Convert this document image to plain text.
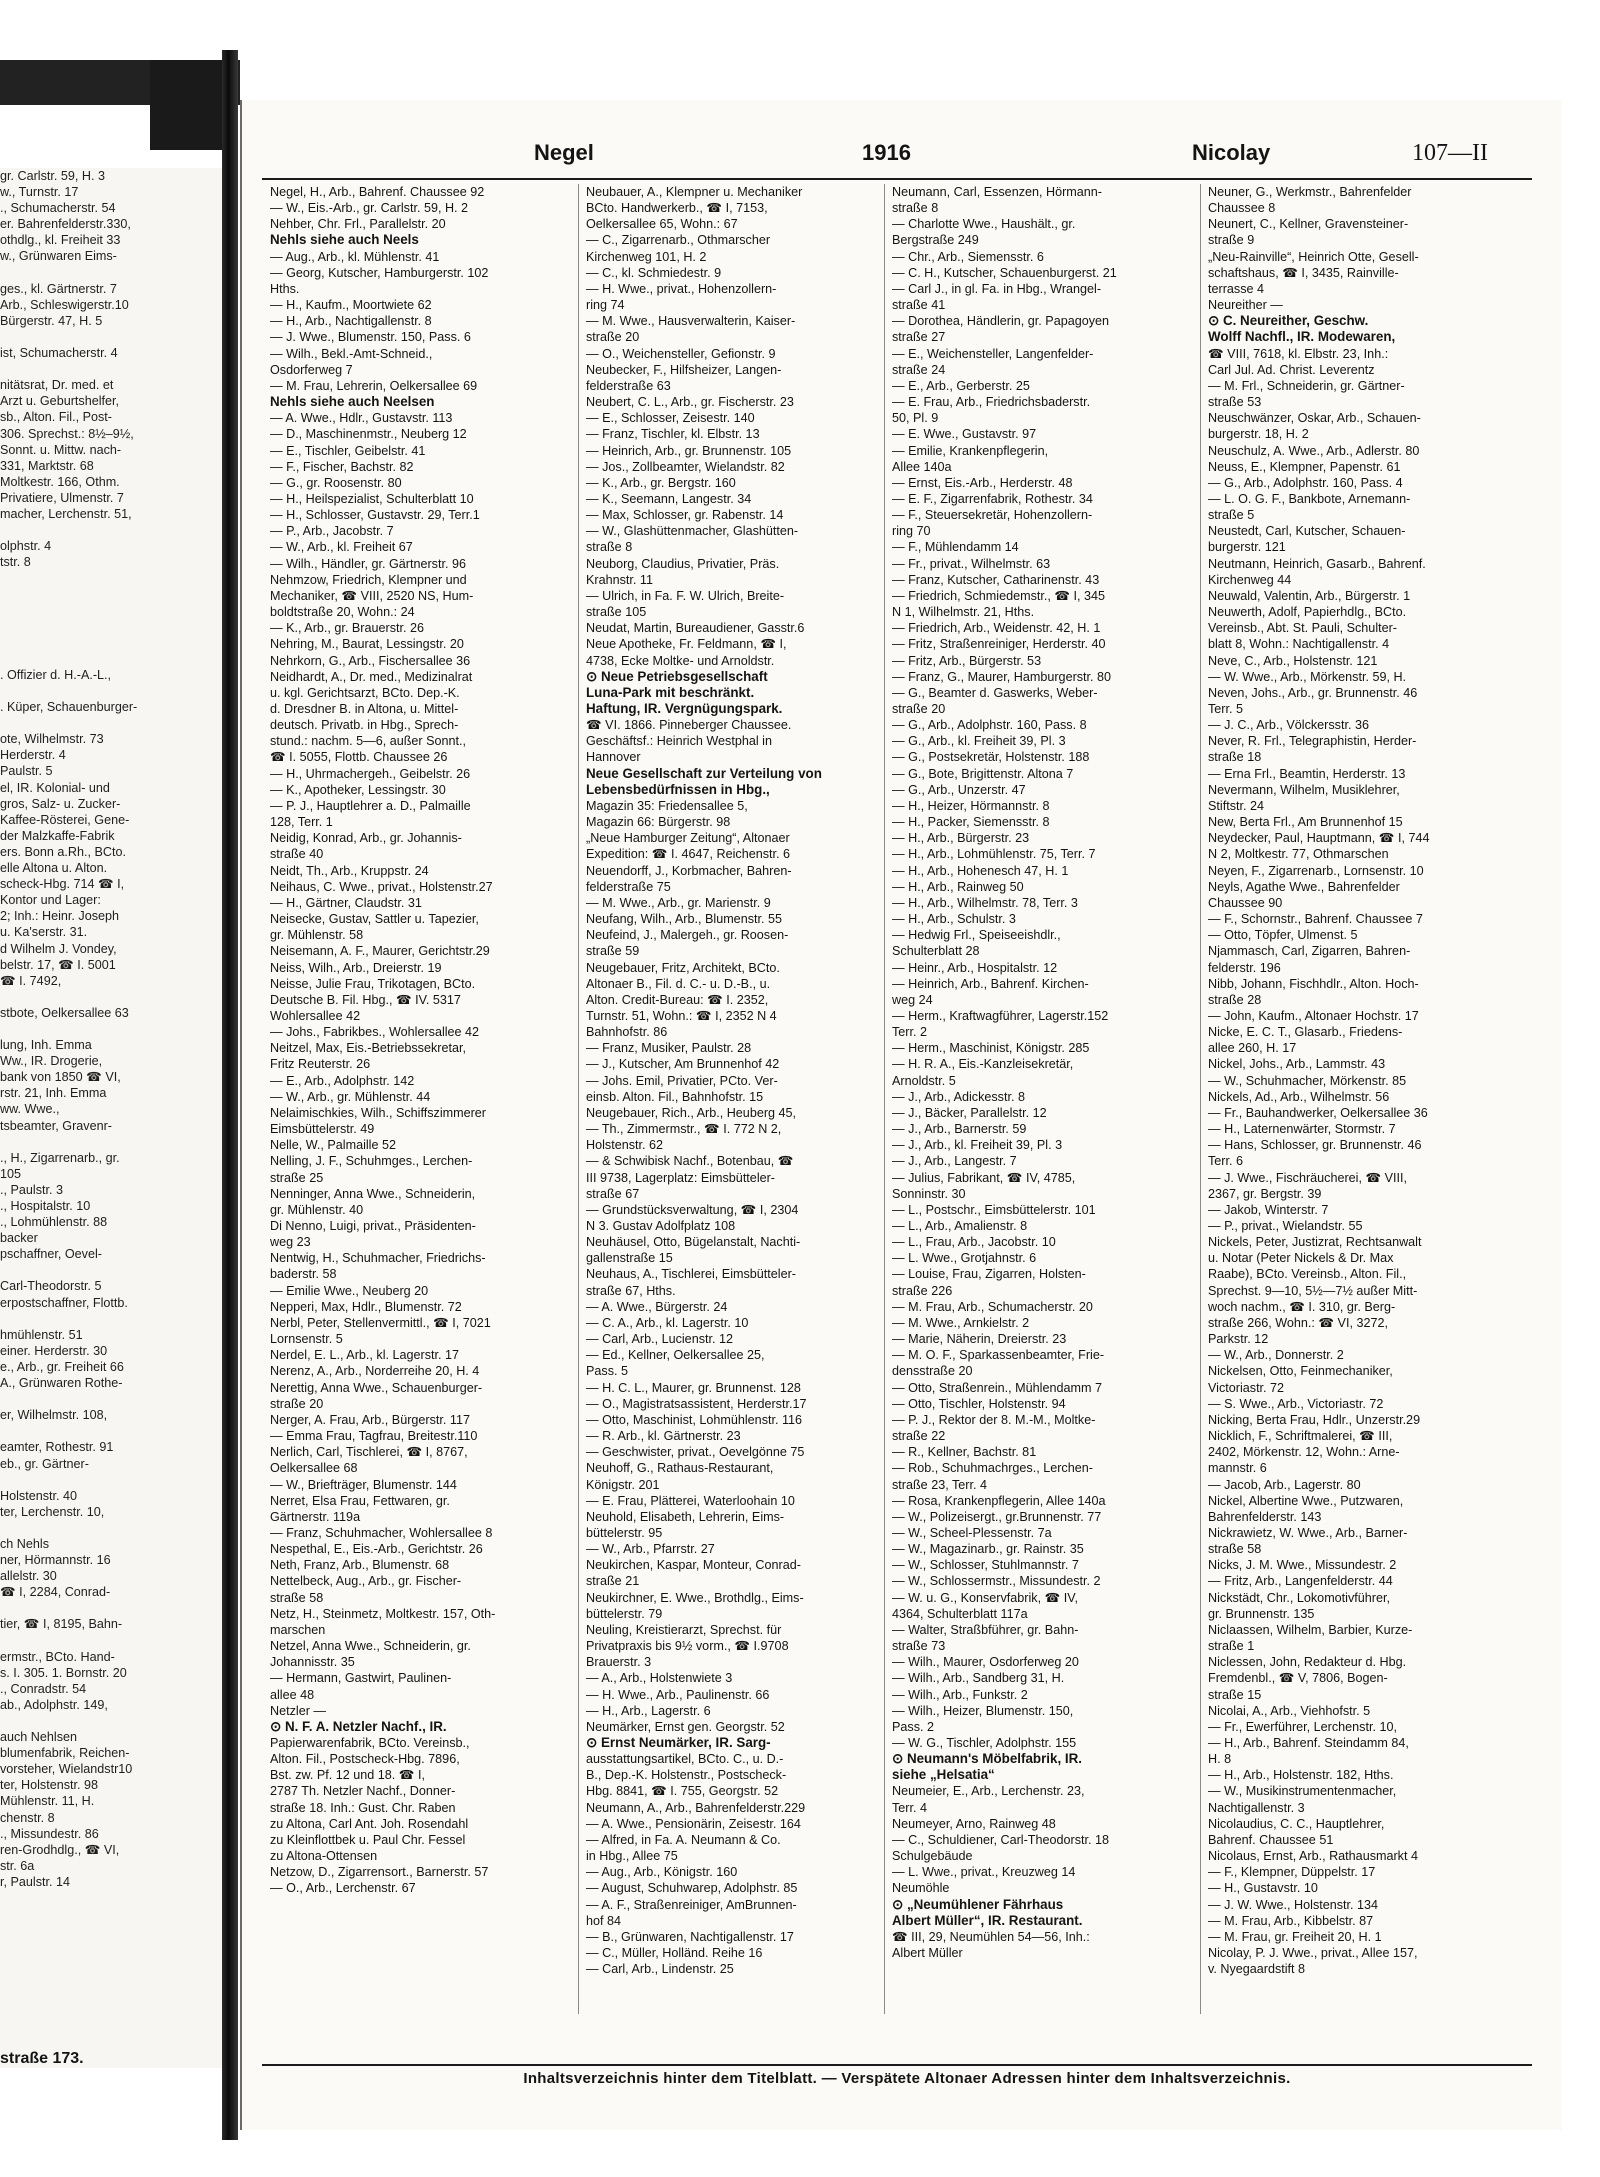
gr. Carlstr. 59, H. 3
w., Turnstr. 17
., Schumacherstr. 54
er. Bahrenfelderstr.330,
othdlg., kl. Freiheit 33
w., Grünwaren Eims-

ges., kl. Gärtnerstr. 7
Arb., Schleswigerstr.10
Bürgerstr. 47, H. 5

ist, Schumacherstr. 4

nitätsrat, Dr. med. et
Arzt u. Geburtshelfer,
sb., Alton. Fil., Post-
306. Sprechst.: 8½–9½,
Sonnt. u. Mittw. nach-
331, Marktstr. 68
Moltkestr. 166, Othm.
Privatiere, Ulmenstr. 7
macher, Lerchenstr. 51,

olphstr. 4
tstr. 8

. Offizier d. H.-A.-L.,

. Küper, Schauenburger-

ote, Wilhelmstr. 73
Herderstr. 4
Paulstr. 5
el, IR. Kolonial- und
gros, Salz- u. Zucker-
Kaffee-Rösterei, Gene-
der Malzkaffe-Fabrik
ers. Bonn a.Rh., BCto.
elle Altona u. Alton.
scheck-Hbg. 714 ☎ I,
Kontor und Lager:
2; Inh.: Heinr. Joseph
u. Ka'serstr. 31.
d Wilhelm J. Vondey,
belstr. 17, ☎ I. 5001
☎ I. 7492,

stbote, Oelkersallee 63

lung, Inh. Emma
Ww., IR. Drogerie,
bank von 1850 ☎ VI,
rstr. 21, Inh. Emma
ww. Wwe.,
tsbeamter, Gravenr-

., H., Zigarrenarb., gr.
105
., Paulstr. 3
., Hospitalstr. 10
., Lohmühlenstr. 88
backer
pschaffner, Oevel-

Carl-Theodorstr. 5
erpostschaffner, Flottb.

hmühlenstr. 51
einer. Herderstr. 30
e., Arb., gr. Freiheit 66
A., Grünwaren Rothe-

er, Wilhelmstr. 108,

eamter, Rothestr. 91
eb., gr. Gärtner-

Holstenstr. 40
ter, Lerchenstr. 10,

ch Nehls
ner, Hörmannstr. 16
allelstr. 30
☎ I, 2284, Conrad-

tier, ☎ I, 8195, Bahn-

ermstr., BCto. Hand-
s. I. 305. 1. Bornstr. 20
., Conradstr. 54
ab., Adolphstr. 149,

auch Nehlsen
blumenfabrik, Reichen-
vorsteher, Wielandstr10
ter, Holstenstr. 98
Mühlenstr. 11, H.
chenstr. 8
., Missundestr. 86
ren-Grodhdlg., ☎ VI,
str. 6a
r, Paulstr. 14
straße 173.
Negel	1916	Nicolay	107—II
Negel, H., Arb., Bahrenf. Chaussee 92
— W., Eis.-Arb., gr. Carlstr. 59, H. 2
Nehber, Chr. Frl., Parallelstr. 20
Nehls siehe auch Neels
— Aug., Arb., kl. Mühlenstr. 41
— Georg, Kutscher, Hamburgerstr. 102
Hths.
— H., Kaufm., Moortwiete 62
— H., Arb., Nachtigallenstr. 8
— J. Wwe., Blumenstr. 150, Pass. 6
— Wilh., Bekl.-Amt-Schneid.,
Osdorferweg 7
— M. Frau, Lehrerin, Oelkersallee 69
Nehls siehe auch Neelsen
— A. Wwe., Hdlr., Gustavstr. 113
— D., Maschinenmstr., Neuberg 12
— E., Tischler, Geibelstr. 41
— F., Fischer, Bachstr. 82
— G., gr. Roosenstr. 80
— H., Heilspezialist, Schulterblatt 10
— H., Schlosser, Gustavstr. 29, Terr.1
— P., Arb., Jacobstr. 7
— W., Arb., kl. Freiheit 67
— Wilh., Händler, gr. Gärtnerstr. 96
Nehmzow, Friedrich, Klempner und
Mechaniker, ☎ VIII, 2520 NS, Hum-
boldtstraße 20, Wohn.: 24
— K., Arb., gr. Brauerstr. 26
Nehring, M., Baurat, Lessingstr. 20
Nehrkorn, G., Arb., Fischersallee 36
Neidhardt, A., Dr. med., Medizinalrat
u. kgl. Gerichtsarzt, BCto. Dep.-K.
d. Dresdner B. in Altona, u. Mittel-
deutsch. Privatb. in Hbg., Sprech-
stund.: nachm. 5—6, außer Sonnt.,
☎ I. 5055, Flottb. Chaussee 26
— H., Uhrmachergeh., Geibelstr. 26
— K., Apotheker, Lessingstr. 30
— P. J., Hauptlehrer a. D., Palmaille
128, Terr. 1
Neidig, Konrad, Arb., gr. Johannis-
straße 40
Neidt, Th., Arb., Kruppstr. 24
Neihaus, C. Wwe., privat., Holstenstr.27
— H., Gärtner, Claudstr. 31
Neisecke, Gustav, Sattler u. Tapezier,
gr. Mühlenstr. 58
Neisemann, A. F., Maurer, Gerichtstr.29
Neiss, Wilh., Arb., Dreierstr. 19
Neisse, Julie Frau, Trikotagen, BCto.
Deutsche B. Fil. Hbg., ☎ IV. 5317
Wohlersallee 42
— Johs., Fabrikbes., Wohlersallee 42
Neitzel, Max, Eis.-Betriebssekretar,
Fritz Reuterstr. 26
— E., Arb., Adolphstr. 142
— W., Arb., gr. Mühlenstr. 44
Nelaimischkies, Wilh., Schiffszimmerer
Eimsbüttelerstr. 49
Nelle, W., Palmaille 52
Nelling, J. F., Schuhmges., Lerchen-
straße 25
Nenninger, Anna Wwe., Schneiderin,
gr. Mühlenstr. 40
Di Nenno, Luigi, privat., Präsidenten-
weg 23
Nentwig, H., Schuhmacher, Friedrichs-
baderstr. 58
— Emilie Wwe., Neuberg 20
Nepperi, Max, Hdlr., Blumenstr. 72
Nerbl, Peter, Stellenvermittl., ☎ I, 7021
Lornsenstr. 5
Nerdel, E. L., Arb., kl. Lagerstr. 17
Nerenz, A., Arb., Norderreihe 20, H. 4
Nerettig, Anna Wwe., Schauenburger-
straße 20
Nerger, A. Frau, Arb., Bürgerstr. 117
— Emma Frau, Tagfrau, Breitestr.110
Nerlich, Carl, Tischlerei, ☎ I, 8767,
Oelkersallee 68
— W., Briefträger, Blumenstr. 144
Nerret, Elsa Frau, Fettwaren, gr.
Gärtnerstr. 119a
— Franz, Schuhmacher, Wohlersallee 8
Nespethal, E., Eis.-Arb., Gerichtstr. 26
Neth, Franz, Arb., Blumenstr. 68
Nettelbeck, Aug., Arb., gr. Fischer-
straße 58
Netz, H., Steinmetz, Moltkestr. 157, Oth-
marschen
Netzel, Anna Wwe., Schneiderin, gr.
Johannisstr. 35
— Hermann, Gastwirt, Paulinen-
allee 48
Netzler —
⊙ N. F. A. Netzler Nachf., IR.
Papierwarenfabrik, BCto. Vereinsb.,
Alton. Fil., Postscheck-Hbg. 7896,
Bst. zw. Pf. 12 und 18. ☎ I,
2787 Th. Netzler Nachf., Donner-
straße 18. Inh.: Gust. Chr. Raben
zu Altona, Carl Ant. Joh. Rosendahl
zu Kleinflottbek u. Paul Chr. Fessel
zu Altona-Ottensen
Netzow, D., Zigarrensort., Barnerstr. 57
— O., Arb., Lerchenstr. 67
Neubauer, A., Klempner u. Mechaniker
BCto. Handwerkerb., ☎ I, 7153,
Oelkersallee 65, Wohn.: 67
— C., Zigarrenarb., Othmarscher
Kirchenweg 101, H. 2
— C., kl. Schmiedestr. 9
— H. Wwe., privat., Hohenzollern-
ring 74
— M. Wwe., Hausverwalterin, Kaiser-
straße 20
— O., Weichensteller, Gefionstr. 9
Neubecker, F., Hilfsheizer, Langen-
felderstraße 63
Neubert, C. L., Arb., gr. Fischerstr. 23
— E., Schlosser, Zeisestr. 140
— Franz, Tischler, kl. Elbstr. 13
— Heinrich, Arb., gr. Brunnenstr. 105
— Jos., Zollbeamter, Wielandstr. 82
— K., Arb., gr. Bergstr. 160
— K., Seemann, Langestr. 34
— Max, Schlosser, gr. Rabenstr. 14
— W., Glashüttenmacher, Glashütten-
straße 8
Neuborg, Claudius, Privatier, Präs.
Krahnstr. 11
— Ulrich, in Fa. F. W. Ulrich, Breite-
straße 105
Neudat, Martin, Bureaudiener, Gasstr.6
Neue Apotheke, Fr. Feldmann, ☎ I,
4738, Ecke Moltke- und Arnoldstr.
⊙ Neue Petriebsgesellschaft
Luna-Park mit beschränkt.
Haftung, IR. Vergnügungspark.
☎ VI. 1866. Pinneberger Chaussee.
Geschäftsf.: Heinrich Westphal in
Hannover
Neue Gesellschaft zur Verteilung von
Lebensbedürfnissen in Hbg.,
Magazin 35: Friedensallee 5,
Magazin 66: Bürgerstr. 98
„Neue Hamburger Zeitung“, Altonaer
Expedition: ☎ I. 4647, Reichenstr. 6
Neuendorff, J., Korbmacher, Bahren-
felderstraße 75
— M. Wwe., Arb., gr. Marienstr. 9
Neufang, Wilh., Arb., Blumenstr. 55
Neufeind, J., Malergeh., gr. Roosen-
straße 59
Neugebauer, Fritz, Architekt, BCto.
Altonaer B., Fil. d. C.- u. D.-B., u.
Alton. Credit-Bureau: ☎ I. 2352,
Turnstr. 51, Wohn.: ☎ I, 2352 N 4
Bahnhofstr. 86
— Franz, Musiker, Paulstr. 28
— J., Kutscher, Am Brunnenhof 42
— Johs. Emil, Privatier, PCto. Ver-
einsb. Alton. Fil., Bahnhofstr. 15
Neugebauer, Rich., Arb., Heuberg 45,
— Th., Zimmermstr., ☎ I. 772 N 2,
Holstenstr. 62
— & Schwibisk Nachf., Botenbau, ☎
III 9738, Lagerplatz: Eimsbütteler-
straße 67
— Grundstücksverwaltung, ☎ I, 2304
N 3. Gustav Adolfplatz 108
Neuhäusel, Otto, Bügelanstalt, Nachti-
gallenstraße 15
Neuhaus, A., Tischlerei, Eimsbütteler-
straße 67, Hths.
— A. Wwe., Bürgerstr. 24
— C. A., Arb., kl. Lagerstr. 10
— Carl, Arb., Lucienstr. 12
— Ed., Kellner, Oelkersallee 25,
Pass. 5
— H. C. L., Maurer, gr. Brunnenst. 128
— O., Magistratsassistent, Herderstr.17
— Otto, Maschinist, Lohmühlenstr. 116
— R. Arb., kl. Gärtnerstr. 23
— Geschwister, privat., Oevelgönne 75
Neuhoff, G., Rathaus-Restaurant,
Königstr. 201
— E. Frau, Plätterei, Waterloohain 10
Neuhold, Elisabeth, Lehrerin, Eims-
büttelerstr. 95
— W., Arb., Pfarrstr. 27
Neukirchen, Kaspar, Monteur, Conrad-
straße 21
Neukirchner, E. Wwe., Brothdlg., Eims-
büttelerstr. 79
Neuling, Kreistierarzt, Sprechst. für
Privatpraxis bis 9½ vorm., ☎ I.9708
Brauerstr. 3
— A., Arb., Holstenwiete 3
— H. Wwe., Arb., Paulinenstr. 66
— H., Arb., Lagerstr. 6
Neumärker, Ernst gen. Georgstr. 52
⊙ Ernst Neumärker, IR. Sarg-
ausstattungsartikel, BCto. C., u. D.-
B., Dep.-K. Holstenstr., Postscheck-
Hbg. 8841, ☎ I. 755, Georgstr. 52
Neumann, A., Arb., Bahrenfelderstr.229
— A. Wwe., Pensionärin, Zeisestr. 164
— Alfred, in Fa. A. Neumann & Co.
in Hbg., Allee 75
— Aug., Arb., Königstr. 160
— August, Schuhwarep, Adolphstr. 85
— A. F., Straßenreiniger, AmBrunnen-
hof 84
— B., Grünwaren, Nachtigallenstr. 17
— C., Müller, Holländ. Reihe 16
— Carl, Arb., Lindenstr. 25
Neumann, Carl, Essenzen, Hörmann-
straße 8
— Charlotte Wwe., Haushält., gr.
Bergstraße 249
— Chr., Arb., Siemensstr. 6
— C. H., Kutscher, Schauenburgerst. 21
— Carl J., in gl. Fa. in Hbg., Wrangel-
straße 41
— Dorothea, Händlerin, gr. Papagoyen
straße 27
— E., Weichensteller, Langenfelder-
straße 24
— E., Arb., Gerberstr. 25
— E. Frau, Arb., Friedrichsbaderstr.
50, Pl. 9
— E. Wwe., Gustavstr. 97
— Emilie, Krankenpflegerin,
Allee 140a
— Ernst, Eis.-Arb., Herderstr. 48
— E. F., Zigarrenfabrik, Rothestr. 34
— F., Steuersekretär, Hohenzollern-
ring 70
— F., Mühlendamm 14
— Fr., privat., Wilhelmstr. 63
— Franz, Kutscher, Catharinenstr. 43
— Friedrich, Schmiedemstr., ☎ I, 345
N 1, Wilhelmstr. 21, Hths.
— Friedrich, Arb., Weidenstr. 42, H. 1
— Fritz, Straßenreiniger, Herderstr. 40
— Fritz, Arb., Bürgerstr. 53
— Franz, G., Maurer, Hamburgerstr. 80
— G., Beamter d. Gaswerks, Weber-
straße 20
— G., Arb., Adolphstr. 160, Pass. 8
— G., Arb., kl. Freiheit 39, Pl. 3
— G., Postsekretär, Holstenstr. 188
— G., Bote, Brigittenstr. Altona 7
— G., Arb., Unzerstr. 47
— H., Heizer, Hörmannstr. 8
— H., Packer, Siemensstr. 8
— H., Arb., Bürgerstr. 23
— H., Arb., Lohmühlenstr. 75, Terr. 7
— H., Arb., Hohenesch 47, H. 1
— H., Arb., Rainweg 50
— H., Arb., Wilhelmstr. 78, Terr. 3
— H., Arb., Schulstr. 3
— Hedwig Frl., Speiseeishdlr.,
Schulterblatt 28
— Heinr., Arb., Hospitalstr. 12
— Heinrich, Arb., Bahrenf. Kirchen-
weg 24
— Herm., Kraftwagführer, Lagerstr.152
Terr. 2
— Herm., Maschinist, Königstr. 285
— H. R. A., Eis.-Kanzleisekretär,
Arnoldstr. 5
— J., Arb., Adickesstr. 8
— J., Bäcker, Parallelstr. 12
— J., Arb., Barnerstr. 59
— J., Arb., kl. Freiheit 39, Pl. 3
— J., Arb., Langestr. 7
— Julius, Fabrikant, ☎ IV, 4785,
Sonninstr. 30
— L., Postschr., Eimsbüttelerstr. 101
— L., Arb., Amalienstr. 8
— L., Frau, Arb., Jacobstr. 10
— L. Wwe., Grotjahnstr. 6
— Louise, Frau, Zigarren, Holsten-
straße 226
— M. Frau, Arb., Schumacherstr. 20
— M. Wwe., Arnkielstr. 2
— Marie, Näherin, Dreierstr. 23
— M. O. F., Sparkassenbeamter, Frie-
densstraße 20
— Otto, Straßenrein., Mühlendamm 7
— Otto, Tischler, Holstenstr. 94
— P. J., Rektor der 8. M.-M., Moltke-
straße 22
— R., Kellner, Bachstr. 81
— Rob., Schuhmachrges., Lerchen-
straße 23, Terr. 4
— Rosa, Krankenpflegerin, Allee 140a
— W., Polizeisergt., gr.Brunnenstr. 77
— W., Scheel-Plessenstr. 7a
— W., Magazinarb., gr. Rainstr. 35
— W., Schlosser, Stuhlmannstr. 7
— W., Schlossermstr., Missundestr. 2
— W. u. G., Konservfabrik, ☎ IV,
4364, Schulterblatt 117a
— Walter, Straßbführer, gr. Bahn-
straße 73
— Wilh., Maurer, Osdorferweg 20
— Wilh., Arb., Sandberg 31, H.
— Wilh., Arb., Funkstr. 2
— Wilh., Heizer, Blumenstr. 150,
Pass. 2
— W. G., Tischler, Adolphstr. 155
⊙ Neumann's Möbelfabrik, IR.
siehe „Helsatia“
Neumeier, E., Arb., Lerchenstr. 23,
Terr. 4
Neumeyer, Arno, Rainweg 48
— C., Schuldiener, Carl-Theodorstr. 18
Schulgebäude
— L. Wwe., privat., Kreuzweg 14
Neumöhle
⊙ „Neumühlener Fährhaus
Albert Müller“, IR. Restaurant.
☎ III, 29, Neumühlen 54—56, Inh.:
Albert Müller
Neuner, G., Werkmstr., Bahrenfelder
Chaussee 8
Neunert, C., Kellner, Gravensteiner-
straße 9
„Neu-Rainville“, Heinrich Otte, Gesell-
schaftshaus, ☎ I, 3435, Rainville-
terrasse 4
Neureither —
⊙ C. Neureither, Geschw.
Wolff Nachfl., IR. Modewaren,
☎ VIII, 7618, kl. Elbstr. 23, Inh.:
Carl Jul. Ad. Christ. Leverentz
— M. Frl., Schneiderin, gr. Gärtner-
straße 53
Neuschwänzer, Oskar, Arb., Schauen-
burgerstr. 18, H. 2
Neuschulz, A. Wwe., Arb., Adlerstr. 80
Neuss, E., Klempner, Papenstr. 61
— G., Arb., Adolphstr. 160, Pass. 4
— L. O. G. F., Bankbote, Arnemann-
straße 5
Neustedt, Carl, Kutscher, Schauen-
burgerstr. 121
Neutmann, Heinrich, Gasarb., Bahrenf.
Kirchenweg 44
Neuwald, Valentin, Arb., Bürgerstr. 1
Neuwerth, Adolf, Papierhdlg., BCto.
Vereinsb., Abt. St. Pauli, Schulter-
blatt 8, Wohn.: Nachtigallenstr. 4
Neve, C., Arb., Holstenstr. 121
— W. Wwe., Arb., Mörkenstr. 59, H.
Neven, Johs., Arb., gr. Brunnenstr. 46
Terr. 5
— J. C., Arb., Völckersstr. 36
Never, R. Frl., Telegraphistin, Herder-
straße 18
— Erna Frl., Beamtin, Herderstr. 13
Nevermann, Wilhelm, Musiklehrer,
Stiftstr. 24
New, Berta Frl., Am Brunnenhof 15
Neydecker, Paul, Hauptmann, ☎ I, 744
N 2, Moltkestr. 77, Othmarschen
Neyen, F., Zigarrenarb., Lornsenstr. 10
Neyls, Agathe Wwe., Bahrenfelder
Chaussee 90
— F., Schornstr., Bahrenf. Chaussee 7
— Otto, Töpfer, Ulmenst. 5
Njammasch, Carl, Zigarren, Bahren-
felderstr. 196
Nibb, Johann, Fischhdlr., Alton. Hoch-
straße 28
— John, Kaufm., Altonaer Hochstr. 17
Nicke, E. C. T., Glasarb., Friedens-
allee 260, H. 17
Nickel, Johs., Arb., Lammstr. 43
— W., Schuhmacher, Mörkenstr. 85
Nickels, Ad., Arb., Wilhelmstr. 56
— Fr., Bauhandwerker, Oelkersallee 36
— H., Laternenwärter, Stormstr. 7
— Hans, Schlosser, gr. Brunnenstr. 46
Terr. 6
— J. Wwe., Fischräucherei, ☎ VIII,
2367, gr. Bergstr. 39
— Jakob, Winterstr. 7
— P., privat., Wielandstr. 55
Nickels, Peter, Justizrat, Rechtsanwalt
u. Notar (Peter Nickels & Dr. Max
Raabe), BCto. Vereinsb., Alton. Fil.,
Sprechst. 9—10, 5½—7½ außer Mitt-
woch nachm., ☎ I. 310, gr. Berg-
straße 266, Wohn.: ☎ VI, 3272,
Parkstr. 12
— W., Arb., Donnerstr. 2
Nickelsen, Otto, Feinmechaniker,
Victoriastr. 72
— S. Wwe., Arb., Victoriastr. 72
Nicking, Berta Frau, Hdlr., Unzerstr.29
Nicklich, F., Schriftmalerei, ☎ III,
2402, Mörkenstr. 12, Wohn.: Arne-
mannstr. 6
— Jacob, Arb., Lagerstr. 80
Nickel, Albertine Wwe., Putzwaren,
Bahrenfelderstr. 143
Nickrawietz, W. Wwe., Arb., Barner-
straße 58
Nicks, J. M. Wwe., Missundestr. 2
— Fritz, Arb., Langenfelderstr. 44
Nickstädt, Chr., Lokomotivführer,
gr. Brunnenstr. 135
Niclaassen, Wilhelm, Barbier, Kurze-
straße 1
Niclessen, John, Redakteur d. Hbg.
Fremdenbl., ☎ V, 7806, Bogen-
straße 15
Nicolai, A., Arb., Viehhofstr. 5
— Fr., Ewerführer, Lerchenstr. 10,
— H., Arb., Bahrenf. Steindamm 84,
H. 8
— H., Arb., Holstenstr. 182, Hths.
— W., Musikinstrumentenmacher,
Nachtigallenstr. 3
Nicolaudius, C. C., Hauptlehrer,
Bahrenf. Chaussee 51
Nicolaus, Ernst, Arb., Rathausmarkt 4
— F., Klempner, Düppelstr. 17
— H., Gustavstr. 10
— J. W. Wwe., Holstenstr. 134
— M. Frau, Arb., Kibbelstr. 87
— M. Frau, gr. Freiheit 20, H. 1
Nicolay, P. J. Wwe., privat., Allee 157,
v. Nyegaardstift 8
Inhaltsverzeichnis hinter dem Titelblatt. — Verspätete Altonaer Adressen hinter dem Inhaltsverzeichnis.
